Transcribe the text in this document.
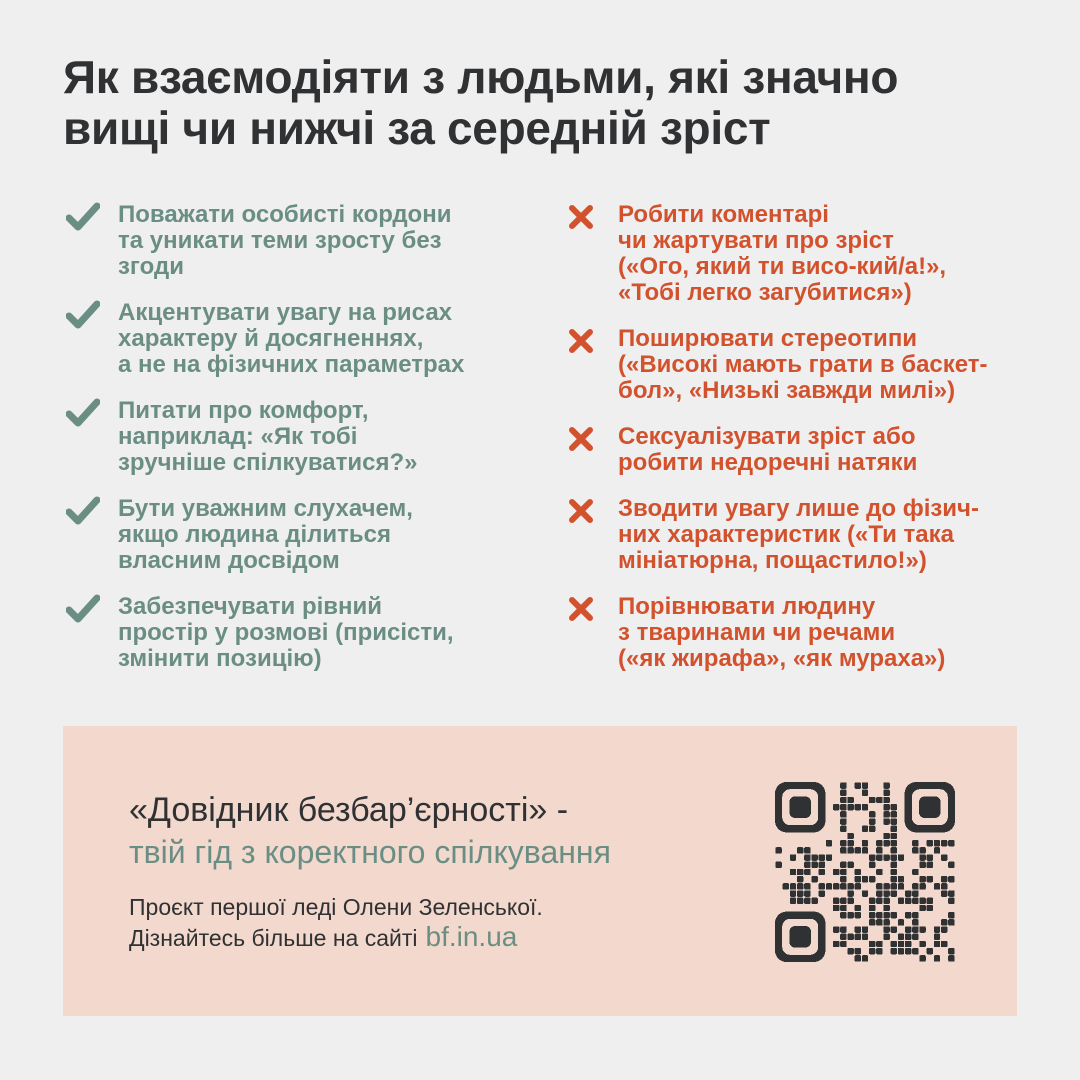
Як взаємодіяти з людьми, які значно
вищі чи нижчі за середній зріст
Поважати особисті кордони
та уникати теми зросту без
згоди
Акцентувати увагу на рисах
характеру й досягненнях,
а не на фізичних параметрах
Питати про комфорт,
наприклад: «Як тобі
зручніше спілкуватися?»
Бути уважним слухачем,
якщо людина ділиться
власним досвідом
Забезпечувати рівний
простір у розмові (присісти,
змінити позицію)
Робити коментарі
чи жартувати про зріст
(«Ого, який ти висо-кий/а!»,
«Тобі легко загубитися»)
Поширювати стереотипи
(«Високі мають грати в баскет-
бол», «Низькі завжди милі»)
Сексуалізувати зріст або
робити недоречні натяки
Зводити увагу лише до фізич-
них характеристик («Ти така
мініатюрна, пощастило!»)
Порівнювати людину
з тваринами чи речами
(«як жирафа», «як мураха»)
«Довідник безбар’єрності» -
твій гід з коректного спілкування
Проєкт першої леді Олени Зеленської.
Дізнайтесь більше на сайті bf.in.ua
